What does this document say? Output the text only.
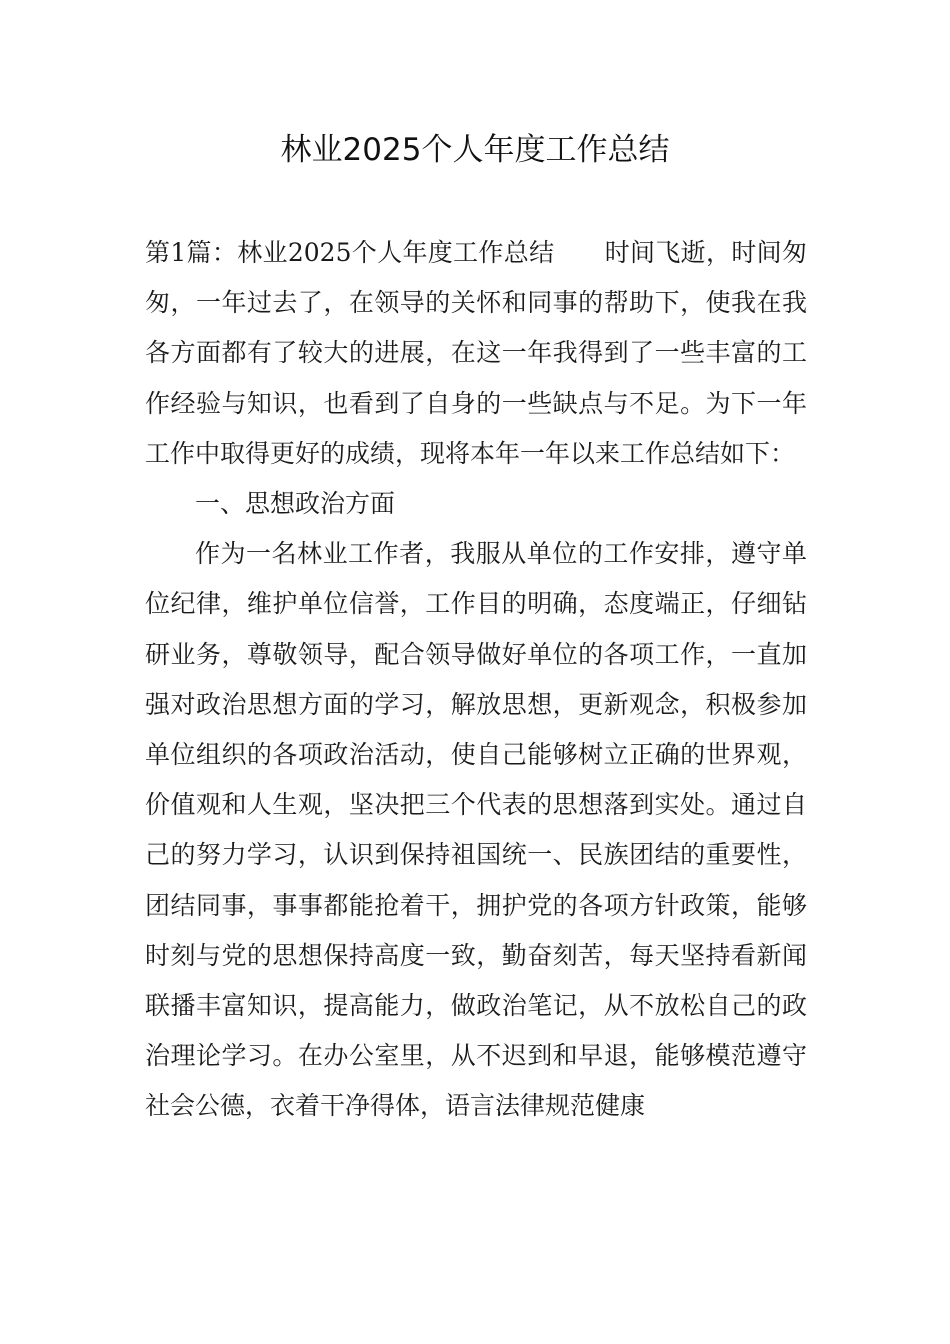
林业2025个人年度工作总结

第1篇：林业2025个人年度工作总结 时间飞逝，时间匆匆，一年过去了，在领导的关怀和同事的帮助下，使我在我各方面都有了较大的进展，在这一年我得到了一些丰富的工作经验与知识，也看到了自身的一些缺点与不足。为下一年工作中取得更好的成绩，现将本年一年以来工作总结如下：

一、思想政治方面

作为一名林业工作者，我服从单位的工作安排，遵守单位纪律，维护单位信誉，工作目的明确，态度端正，仔细钻研业务，尊敬领导，配合领导做好单位的各项工作，一直加强对政治思想方面的学习，解放思想，更新观念，积极参加单位组织的各项政治活动，使自己能够树立正确的世界观，价值观和人生观，坚决把三个代表的思想落到实处。通过自己的努力学习，认识到保持祖国统一、民族团结的重要性，团结同事，事事都能抢着干，拥护党的各项方针政策，能够时刻与党的思想保持高度一致，勤奋刻苦，每天坚持看新闻联播丰富知识，提高能力，做政治笔记，从不放松自己的政治理论学习。在办公室里，从不迟到和早退，能够模范遵守社会公德，衣着干净得体，语言法律规范健康
